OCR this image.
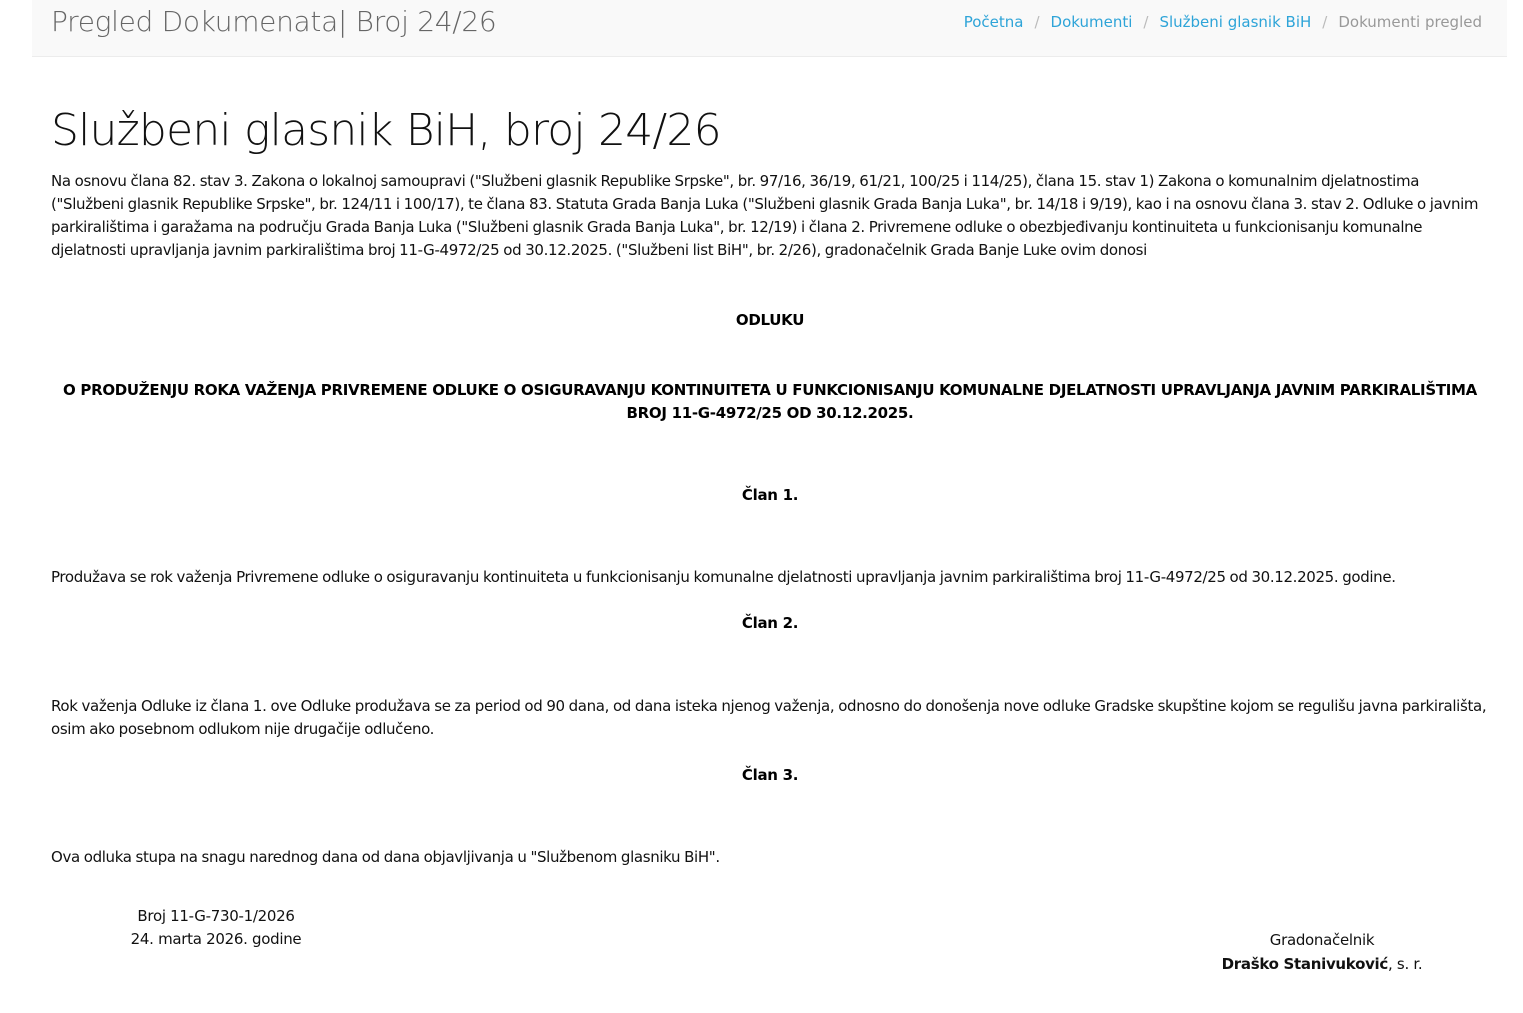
Pregled Dokumenata| Broj 24/26	Početna / Dokumenti / Službeni glasnik BiH / Dokumenti pregled
Službeni glasnik BiH, broj 24/26

Na osnovu člana 82. stav 3. Zakona o lokalnoj samoupravi ("Službeni glasnik Republike Srpske", br. 97/16, 36/19, 61/21, 100/25 i 114/25), člana 15. stav 1) Zakona o komunalnim djelatnostima ("Službeni glasnik Republike Srpske", br. 124/11 i 100/17), te člana 83. Statuta Grada Banja Luka ("Službeni glasnik Grada Banja Luka", br. 14/18 i 9/19), kao i na osnovu člana 3. stav 2. Odluke o javnim parkiralištima i garažama na području Grada Banja Luka ("Službeni glasnik Grada Banja Luka", br. 12/19) i člana 2. Privremene odluke o obezbjeđivanju kontinuiteta u funkcionisanju komunalne djelatnosti upravljanja javnim parkiralištima broj 11-G-4972/25 od 30.12.2025. ("Službeni list BiH", br. 2/26), gradonačelnik Grada Banje Luke ovim donosi

ODLUKU

O PRODUŽENJU ROKA VAŽENJA PRIVREMENE ODLUKE O OSIGURAVANJU KONTINUITETA U FUNKCIONISANJU KOMUNALNE DJELATNOSTI UPRAVLJANJA JAVNIM PARKIRALIŠTIMA BROJ 11-G-4972/25 OD 30.12.2025.

Član 1.

Produžava se rok važenja Privremene odluke o osiguravanju kontinuiteta u funkcionisanju komunalne djelatnosti upravljanja javnim parkiralištima broj 11-G-4972/25 od 30.12.2025. godine.

Član 2.

Rok važenja Odluke iz člana 1. ove Odluke produžava se za period od 90 dana, od dana isteka njenog važenja, odnosno do donošenja nove odluke Gradske skupštine kojom se regulišu javna parkirališta, osim ako posebnom odlukom nije drugačije odlučeno.

Član 3.

Ova odluka stupa na snagu narednog dana od dana objavljivanja u "Službenom glasniku BiH".

Broj 11-G-730-1/2026
24. marta 2026. godine	Gradonačelnik
Draško Stanivuković, s. r.
